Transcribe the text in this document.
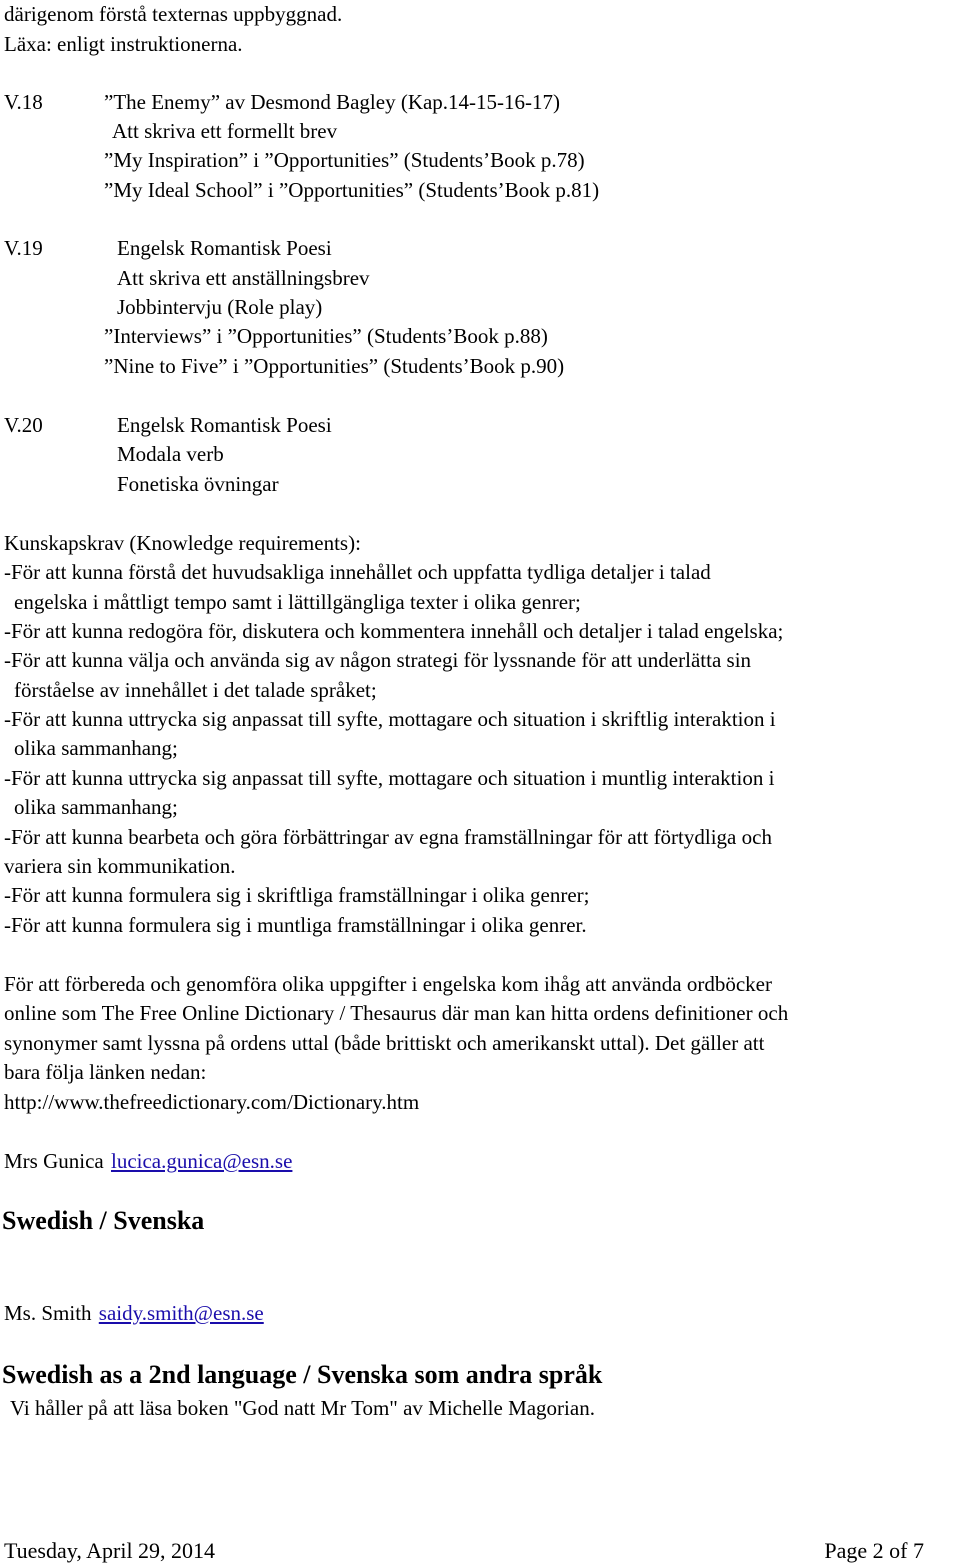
därigenom förstå texternas uppbyggnad.
Läxa: enligt instruktionerna.
V.18	”The Enemy” av Desmond Bagley (Kap.14-15-16-17)
Att skriva ett formellt brev
”My Inspiration” i ”Opportunities” (Students’Book p.78)
”My Ideal School” i ”Opportunities” (Students’Book p.81)
V.19	Engelsk Romantisk Poesi
Att skriva ett anställningsbrev
Jobbintervju (Role play)
”Interviews” i ”Opportunities” (Students’Book p.88)
”Nine to Five” i ”Opportunities” (Students’Book p.90)
V.20	Engelsk Romantisk Poesi
Modala verb
Fonetiska övningar
Kunskapskrav (Knowledge requirements):
-För att kunna förstå det huvudsakliga innehållet och uppfatta tydliga detaljer i talad
engelska i måttligt tempo samt i lättillgängliga texter i olika genrer;
-För att kunna redogöra för, diskutera och kommentera innehåll och detaljer i talad engelska;
-För att kunna välja och använda sig av någon strategi för lyssnande för att underlätta sin
förståelse av innehållet i det talade språket;
-För att kunna uttrycka sig anpassat till syfte, mottagare och situation i skriftlig interaktion i
olika sammanhang;
-För att kunna uttrycka sig anpassat till syfte, mottagare och situation i muntlig interaktion i
olika sammanhang;
-För att kunna bearbeta och göra förbättringar av egna framställningar för att förtydliga och
variera sin kommunikation.
-För att kunna formulera sig i skriftliga framställningar i olika genrer;
-För att kunna formulera sig i muntliga framställningar i olika genrer.
För att förbereda och genomföra olika uppgifter i engelska kom ihåg att använda ordböcker
online som The Free Online Dictionary / Thesaurus där man kan hitta ordens definitioner och
synonymer samt lyssna på ordens uttal (både brittiskt och amerikanskt uttal). Det gäller att
bara följa länken nedan:
http://www.thefreedictionary.com/Dictionary.htm
Mrs Gunica lucica.gunica@esn.se
Swedish / Svenska
Ms. Smith saidy.smith@esn.se
Swedish as a 2nd language / Svenska som andra språk
Vi håller på att läsa boken "God natt Mr Tom" av Michelle Magorian.
Tuesday, April 29, 2014	Page 2 of 7
